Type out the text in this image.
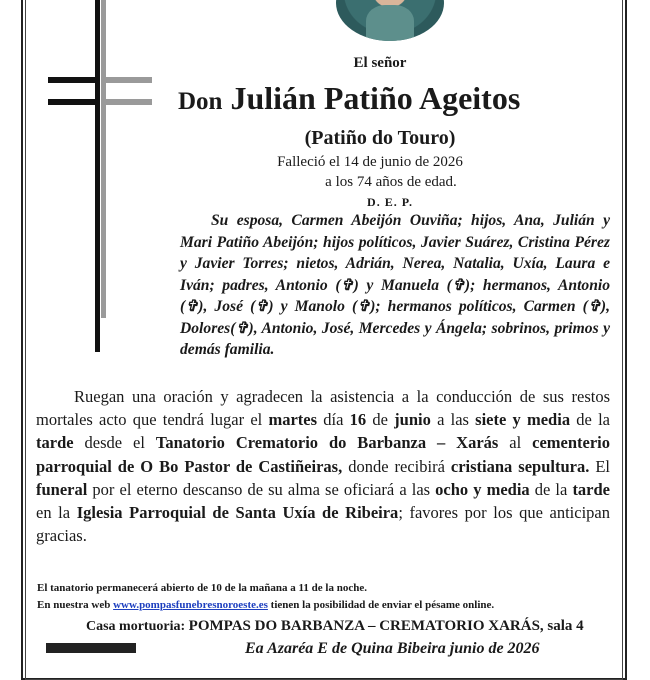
El señor
Don Julián Patiño Ageitos
(Patiño do Touro)
Falleció el 14 de junio de 2026
a los 74 años de edad.
D. E. P.

Su esposa, Carmen Abeijón Ouviña; hijos, Ana, Julián y Mari Patiño Abeijón; hijos políticos, Javier Suárez, Cristina Pérez y Javier Torres; nietos, Adrián, Nerea, Natalia, Uxía, Laura e Iván; padres, Antonio (✞) y Manuela (✞); hermanos, Antonio (✞), José (✞) y Manolo (✞); hermanos políticos, Carmen (✞), Dolores(✞), Antonio, José, Mercedes y Ángela; sobrinos, primos y demás familia.

Ruegan una oración y agradecen la asistencia a la conducción de sus restos mortales acto que tendrá lugar el martes día 16 de junio a las siete y media de la tarde desde el Tanatorio Crematorio do Barbanza – Xarás al cementerio parroquial de O Bo Pastor de Castiñeiras, donde recibirá cristiana sepultura. El funeral por el eterno descanso de su alma se oficiará a las ocho y media de la tarde en la Iglesia Parroquial de Santa Uxía de Ribeira; favores por los que anticipan gracias.

El tanatorio permanecerá abierto de 10 de la mañana a 11 de la noche.
En nuestra web www.pompasfunebresnoroeste.es tienen la posibilidad de enviar el pésame online.
Casa mortuoria: POMPAS DO BARBANZA – CREMATORIO XARÁS, sala 4
Ea Azaréa E de Quina Bibeira junio de 2026
